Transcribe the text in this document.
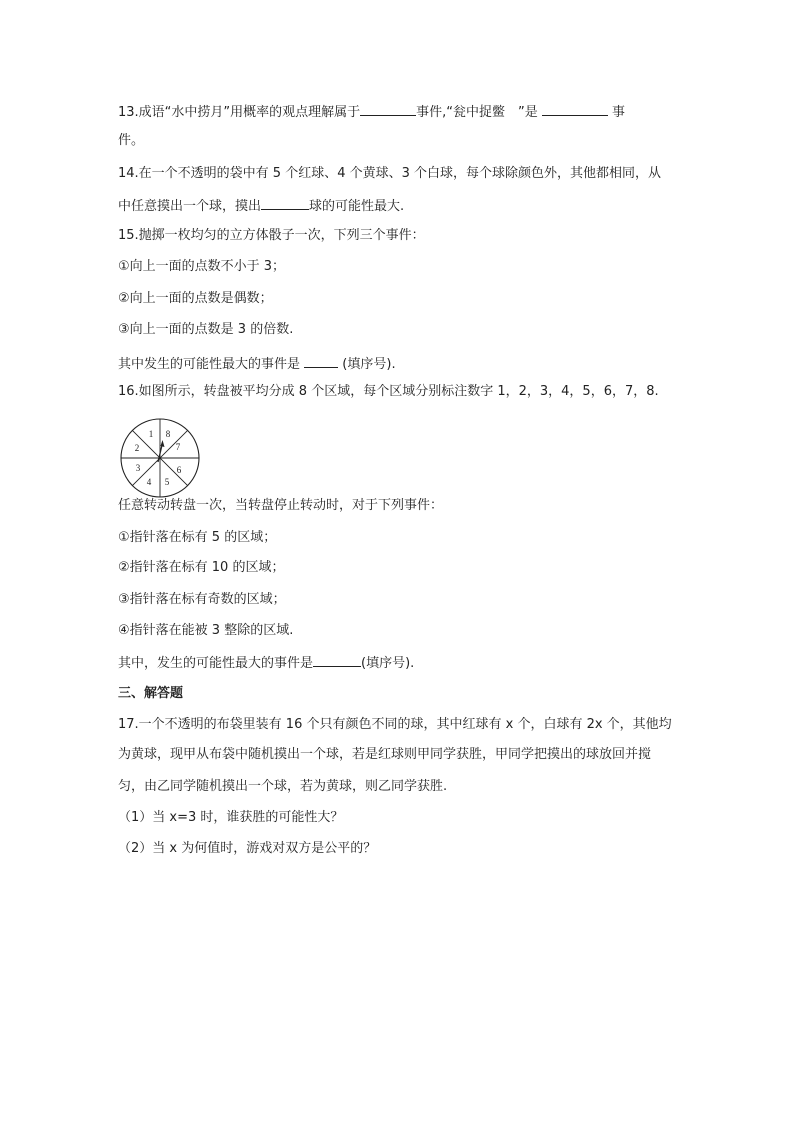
13.成语“水中捞月”用概率的观点理解属于	事件,“瓮中捉鳖　”是	事
件。
14.在一个不透明的袋中有 5 个红球、4 个黄球、3 个白球，每个球除颜色外，其他都相同，从
中任意摸出一个球，摸出	球的可能性最大.
15.抛掷一枚均匀的立方体骰子一次，下列三个事件：
①向上一面的点数不小于 3；
②向上一面的点数是偶数；
③向上一面的点数是 3 的倍数.
其中发生的可能性最大的事件是	(填序号).
16.如图所示，转盘被平均分成 8 个区域，每个区域分别标注数字 1，2，3，4，5，6，7，8.
1 8
7
6
5
4
3
2
任意转动转盘一次，当转盘停止转动时，对于下列事件：
①指针落在标有 5 的区域；
②指针落在标有 10 的区域；
③指针落在标有奇数的区域；
④指针落在能被 3 整除的区域.
其中，发生的可能性最大的事件是	(填序号).
三、解答题
17.一个不透明的布袋里装有 16 个只有颜色不同的球，其中红球有 x 个，白球有 2x 个，其他均
为黄球，现甲从布袋中随机摸出一个球，若是红球则甲同学获胜，甲同学把摸出的球放回并搅
匀，由乙同学随机摸出一个球，若为黄球，则乙同学获胜.
（1）当 x=3 时，谁获胜的可能性大？
（2）当 x 为何值时，游戏对双方是公平的？
